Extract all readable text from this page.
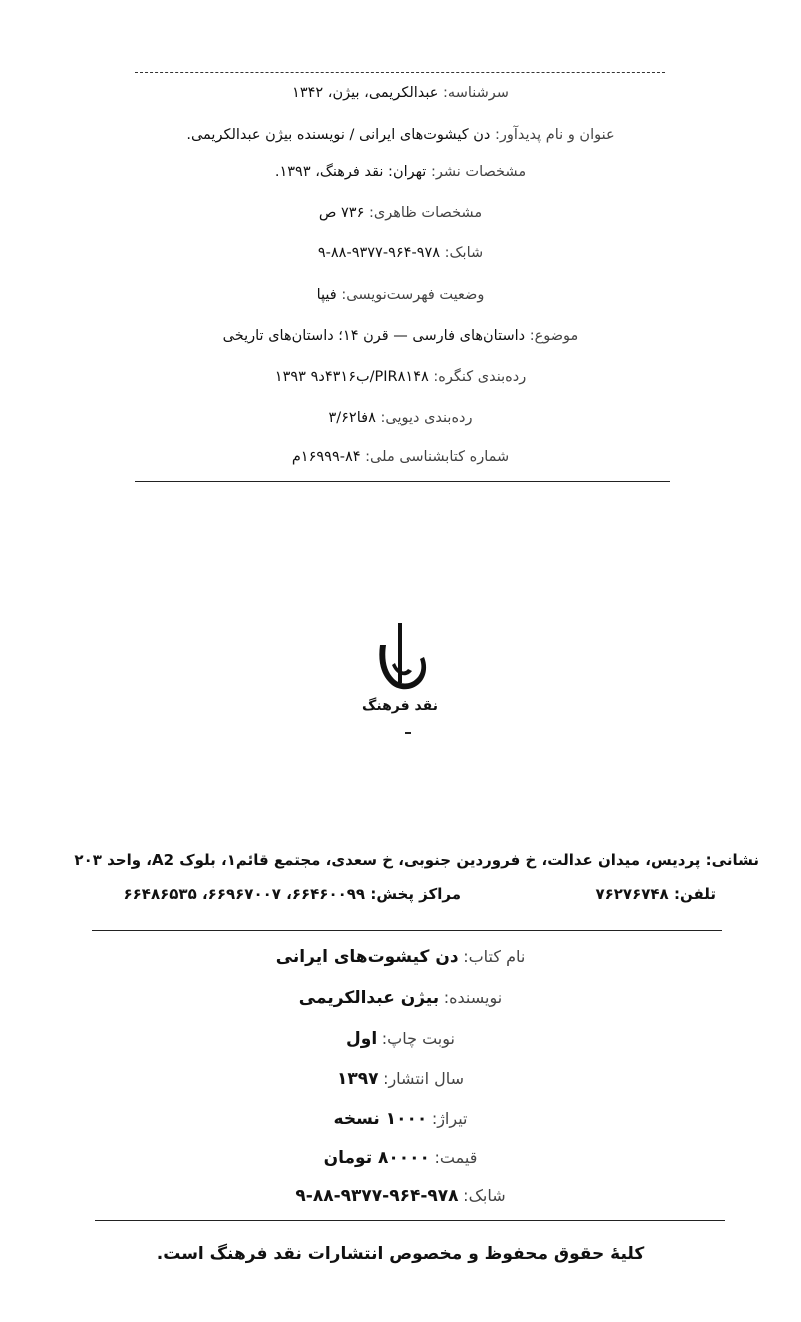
سرشناسه: عبدالکریمی، بیژن، ۱۳۴۲
عنوان و نام پدیدآور: دن کیشوت‌های ایرانی / نویسنده بیژن عبدالکریمی.
مشخصات نشر: تهران: نقد فرهنگ، ۱۳۹۳.
مشخصات ظاهری: ۷۳۶ ص
شابک: ۹۷۸-۹۶۴-۹۳۷۷-۸۸-۹
وضعیت فهرست‌نویسی: فیپا
موضوع: داستان‌های فارسی — قرن ۱۴؛ داستان‌های تاریخی
رده‌بندی کنگره: PIR۸۱۴۸/ب۴۳۱۶د۹ ۱۳۹۳
رده‌بندی دیویی: ۸فا۳/۶۲
شماره کتابشناسی ملی: ۸۴-۱۶۹۹۹م
نقد فرهنگ
نشانی: پردیس، میدان عدالت، خ فروردین جنوبی، خ سعدی، مجتمع قائم۱، بلوک A2، واحد ۲۰۳
تلفن: ۷۶۲۷۶۷۴۸
مراکز پخش: ۶۶۴۶۰۰۹۹، ۶۶۹۶۷۰۰۷، ۶۶۴۸۶۵۳۵
نام کتاب: دن کیشوت‌های ایرانی
نویسنده: بیژن عبدالکریمی
نوبت چاپ: اول
سال انتشار: ۱۳۹۷
تیراژ: ۱۰۰۰ نسخه
قیمت: ۸۰۰۰۰ تومان
شابک: ۹۷۸-۹۶۴-۹۳۷۷-۸۸-۹
کلیهٔ حقوق محفوظ و مخصوص انتشارات نقد فرهنگ است.
